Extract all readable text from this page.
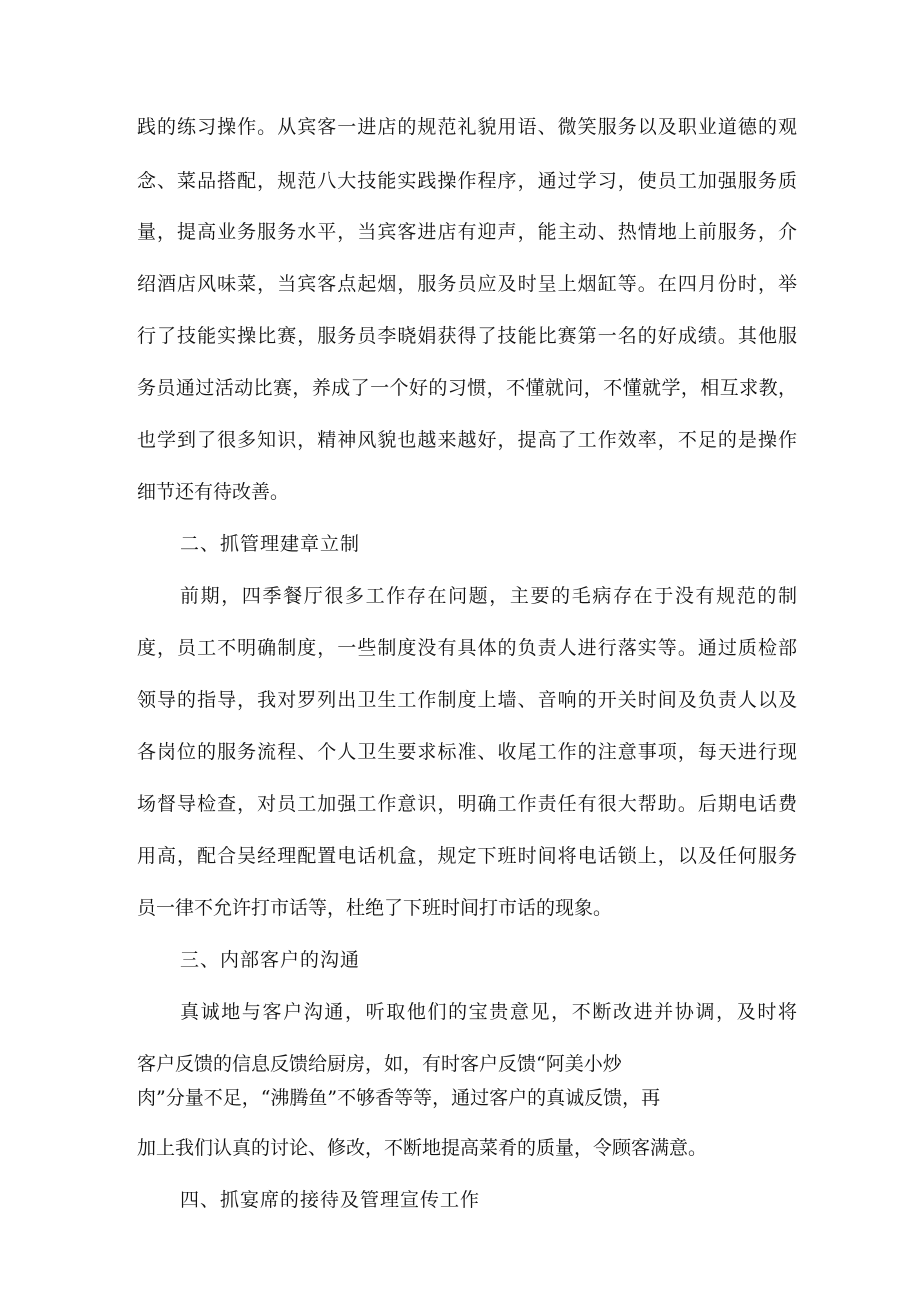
践的练习操作。从宾客一进店的规范礼貌用语、微笑服务以及职业道德的观
念、菜品搭配，规范八大技能实践操作程序，通过学习，使员工加强服务质
量，提高业务服务水平，当宾客进店有迎声，能主动、热情地上前服务，介
绍酒店风味菜，当宾客点起烟，服务员应及时呈上烟缸等。在四月份时，举
行了技能实操比赛，服务员李晓娟获得了技能比赛第一名的好成绩。其他服
务员通过活动比赛，养成了一个好的习惯，不懂就问，不懂就学，相互求教，
也学到了很多知识，精神风貌也越来越好，提高了工作效率，不足的是操作
细节还有待改善。
二、抓管理建章立制
前期，四季餐厅很多工作存在问题，主要的毛病存在于没有规范的制
度，员工不明确制度，一些制度没有具体的负责人进行落实等。通过质检部
领导的指导，我对罗列出卫生工作制度上墙、音响的开关时间及负责人以及
各岗位的服务流程、个人卫生要求标准、收尾工作的注意事项，每天进行现
场督导检查，对员工加强工作意识，明确工作责任有很大帮助。后期电话费
用高，配合吴经理配置电话机盒，规定下班时间将电话锁上，以及任何服务
员一律不允许打市话等，杜绝了下班时间打市话的现象。
三、内部客户的沟通
真诚地与客户沟通，听取他们的宝贵意见，不断改进并协调，及时将
客户反馈的信息反馈给厨房，如，有时客户反馈“阿美小炒
肉”分量不足，“沸腾鱼”不够香等等，通过客户的真诚反馈，再
加上我们认真的讨论、修改，不断地提高菜肴的质量，令顾客满意。
四、抓宴席的接待及管理宣传工作
